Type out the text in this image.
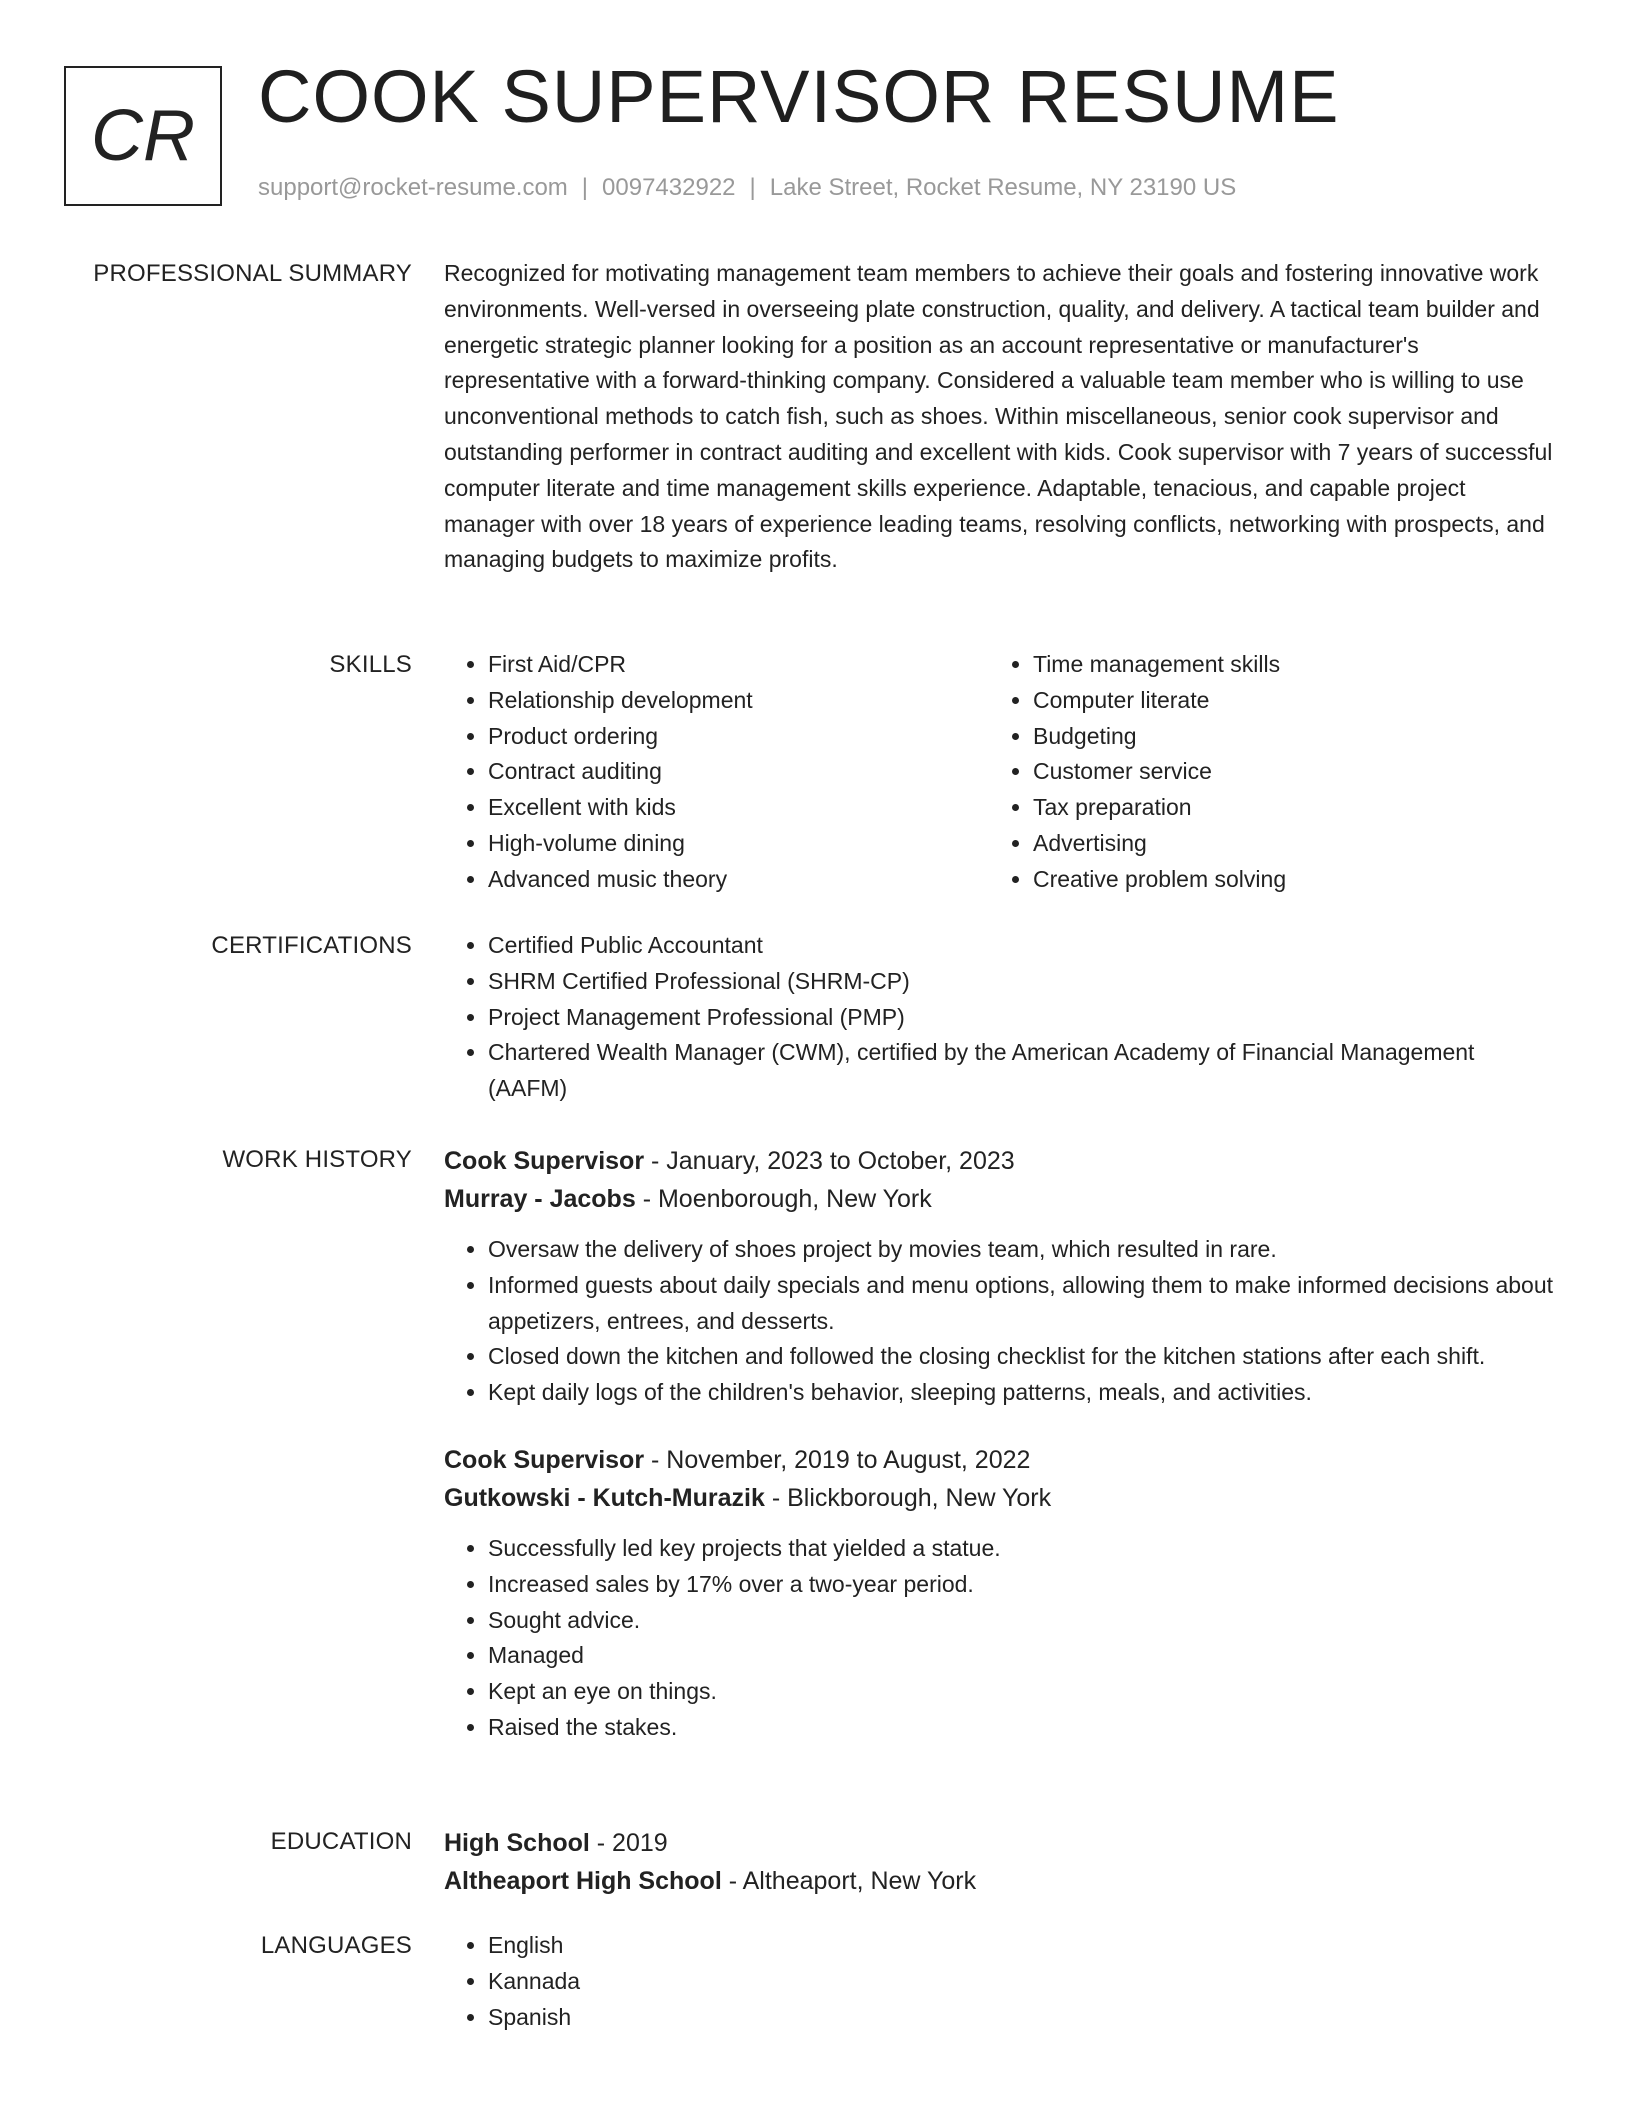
CR COOK SUPERVISOR RESUME
support@rocket-resume.com | 0097432922 | Lake Street, Rocket Resume, NY 23190 US
PROFESSIONAL SUMMARY Recognized for motivating management team members to achieve their goals and fostering innovative work environments. Well-versed in overseeing plate construction, quality, and delivery. A tactical team builder and energetic strategic planner looking for a position as an account representative or manufacturer's representative with a forward-thinking company. Considered a valuable team member who is willing to use unconventional methods to catch fish, such as shoes. Within miscellaneous, senior cook supervisor and outstanding performer in contract auditing and excellent with kids. Cook supervisor with 7 years of successful computer literate and time management skills experience. Adaptable, tenacious, and capable project manager with over 18 years of experience leading teams, resolving conflicts, networking with prospects, and managing budgets to maximize profits.

SKILLS	• First Aid/CPR
• Relationship development
• Product ordering
• Contract auditing
• Excellent with kids
• High-volume dining
• Advanced music theory
• Time management skills
• Computer literate
• Budgeting
• Customer service
• Tax preparation
• Advertising
• Creative problem solving
CERTIFICATIONS	• Certified Public Accountant
• SHRM Certified Professional (SHRM-CP)
• Project Management Professional (PMP)
• Chartered Wealth Manager (CWM), certified by the American Academy of Financial Management (AAFM)
WORK HISTORY Cook Supervisor - January, 2023 to October, 2023
Murray - Jacobs - Moenborough, New York
• Oversaw the delivery of shoes project by movies team, which resulted in rare.
• Informed guests about daily specials and menu options, allowing them to make informed decisions about appetizers, entrees, and desserts.
• Closed down the kitchen and followed the closing checklist for the kitchen stations after each shift.
• Kept daily logs of the children's behavior, sleeping patterns, meals, and activities.
Cook Supervisor - November, 2019 to August, 2022
Gutkowski - Kutch-Murazik - Blickborough, New York
• Successfully led key projects that yielded a statue.
• Increased sales by 17% over a two-year period.
• Sought advice.
• Managed
• Kept an eye on things.
• Raised the stakes.
EDUCATION High School - 2019
Altheaport High School - Altheaport, New York
LANGUAGES	• English
• Kannada
• Spanish
